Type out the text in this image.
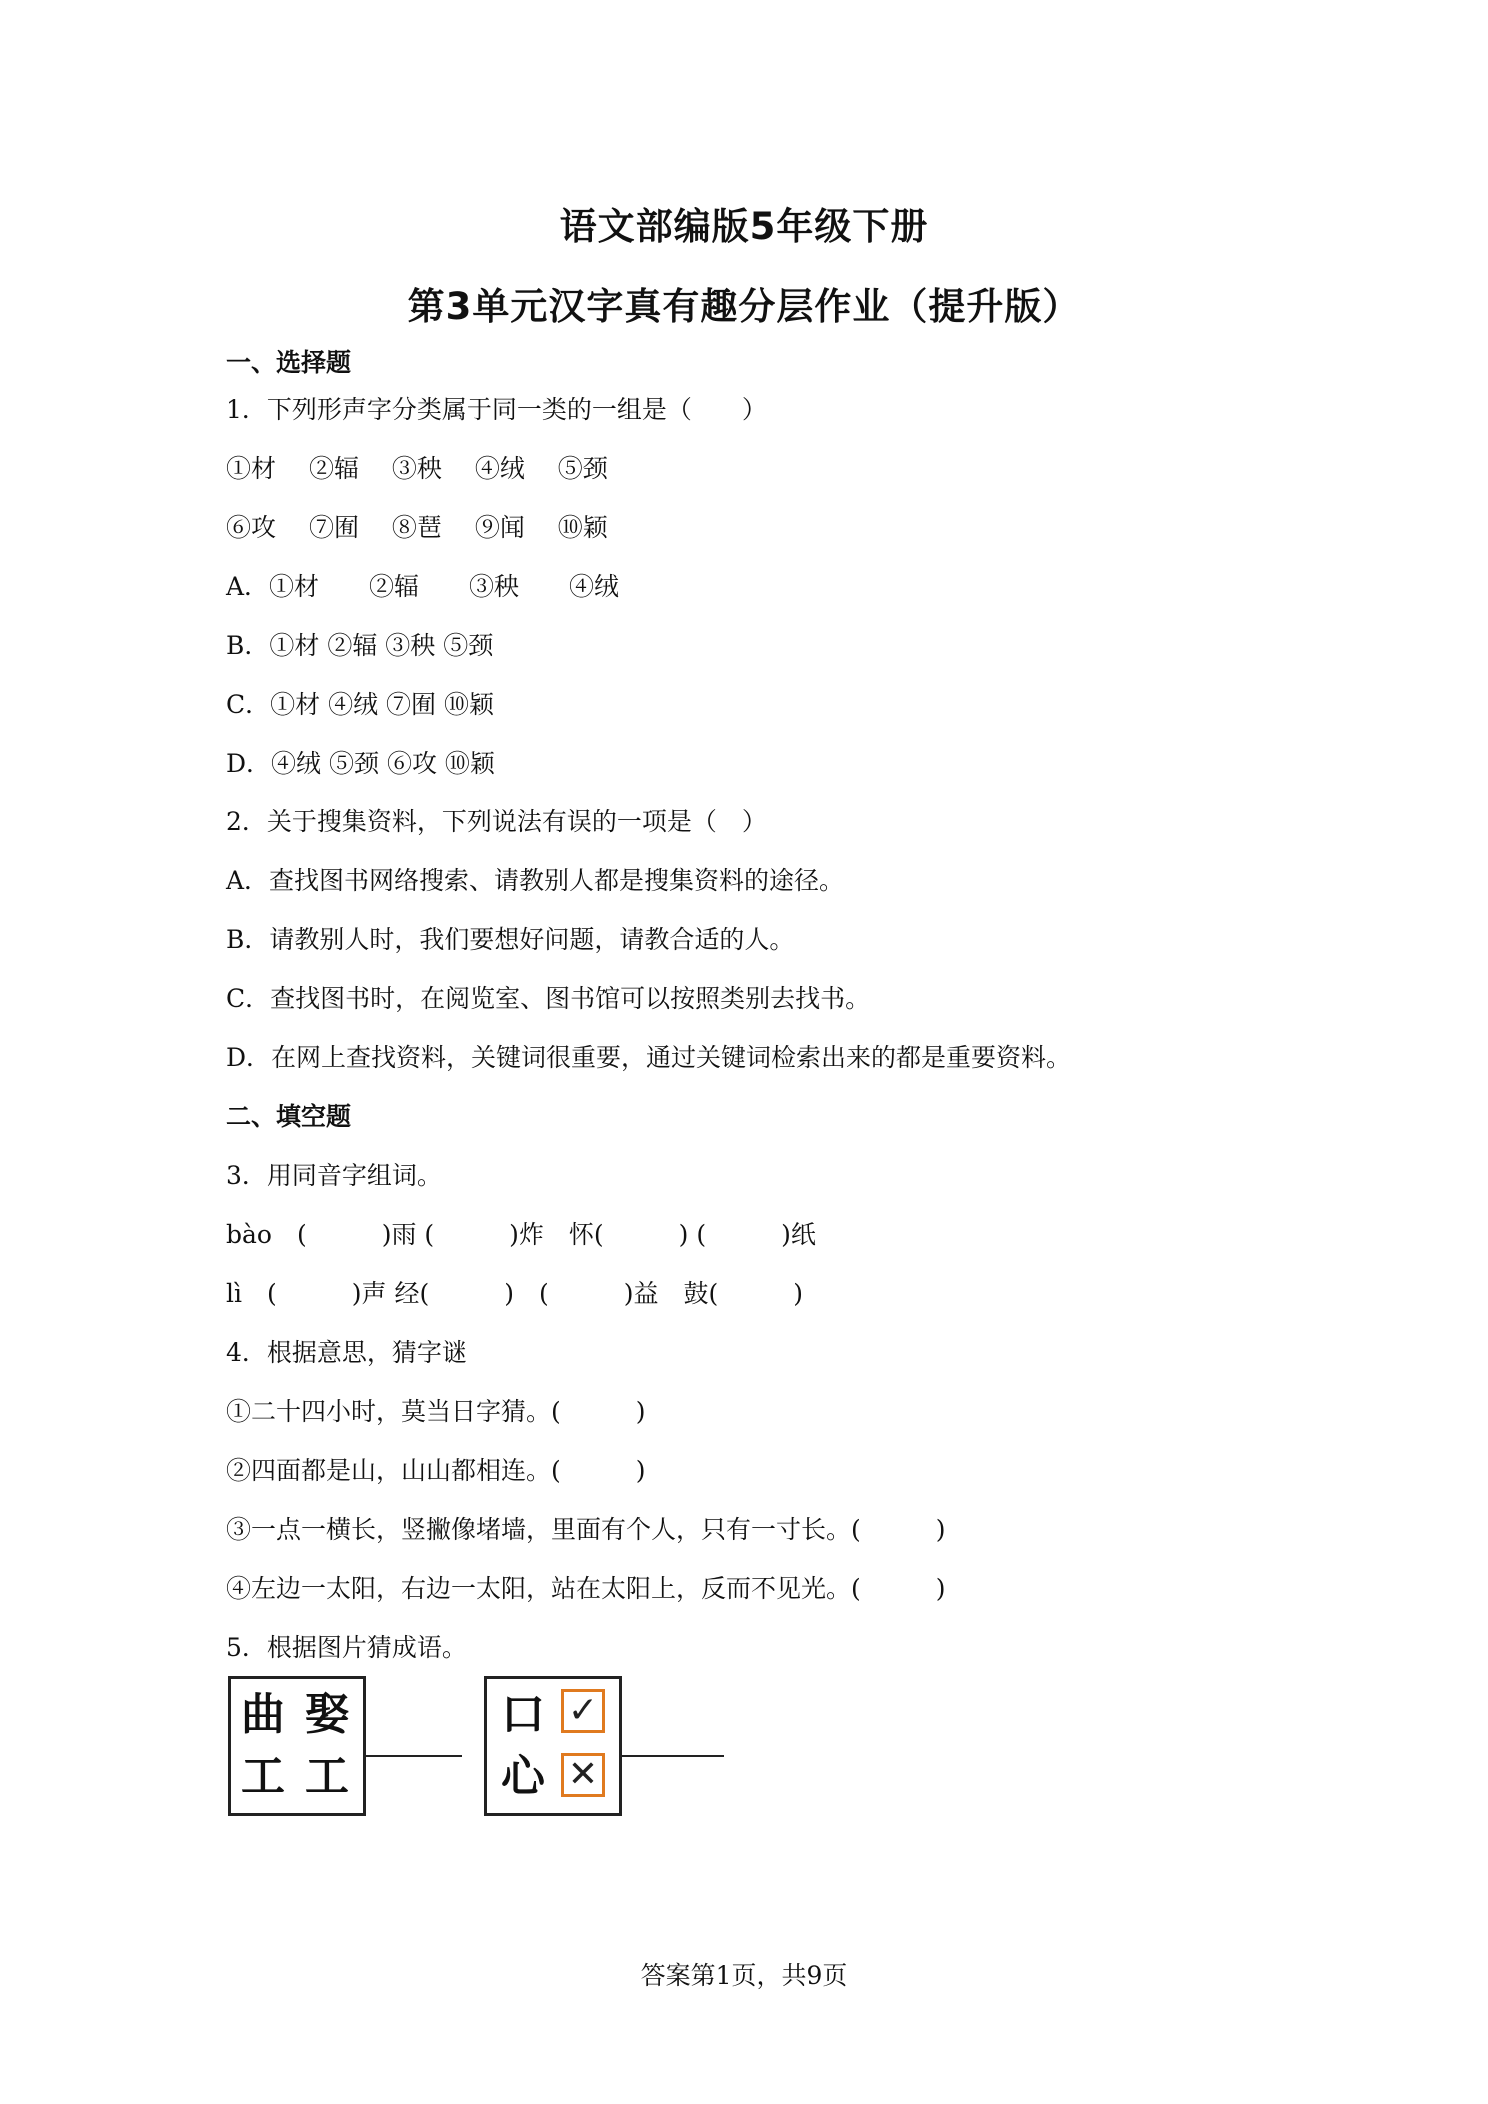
语文部编版5年级下册
第3单元汉字真有趣分层作业（提升版）
一、选择题
1．下列形声字分类属于同一类的一组是（　　）
①材　 ②辐　 ③秧　 ④绒　 ⑤颈
⑥攻　 ⑦囿　 ⑧琶　 ⑨闻　 ⑩颖
A．①材　　②辐　　③秧　　④绒
B．①材 ②辐 ③秧 ⑤颈
C．①材 ④绒 ⑦囿 ⑩颖
D．④绒 ⑤颈 ⑥攻 ⑩颖
2．关于搜集资料，下列说法有误的一项是（　）
A．查找图书网络搜索、请教别人都是搜集资料的途径。
B．请教别人时，我们要想好问题，请教合适的人。
C．查找图书时，在阅览室、图书馆可以按照类别去找书。
D．在网上查找资料，关键词很重要，通过关键词检索出来的都是重要资料。
二、填空题
3．用同音字组词。
bào　(　　　)雨 (　　　)炸　怀(　　　) (　　　)纸
lì　(　　　)声 经(　　　)　(　　　)益　鼓(　　　)
4．根据意思，猜字谜
①二十四小时，莫当日字猜。(　　　)
②四面都是山，山山都相连。(　　　)
③一点一横长，竖撇像堵墙，里面有个人，只有一寸长。(　　　)
④左边一太阳，右边一太阳，站在太阳上，反而不见光。(　　　)
5．根据图片猜成语。
曲 娶
工 工
口
心
✓
✕
答案第1页，共9页
